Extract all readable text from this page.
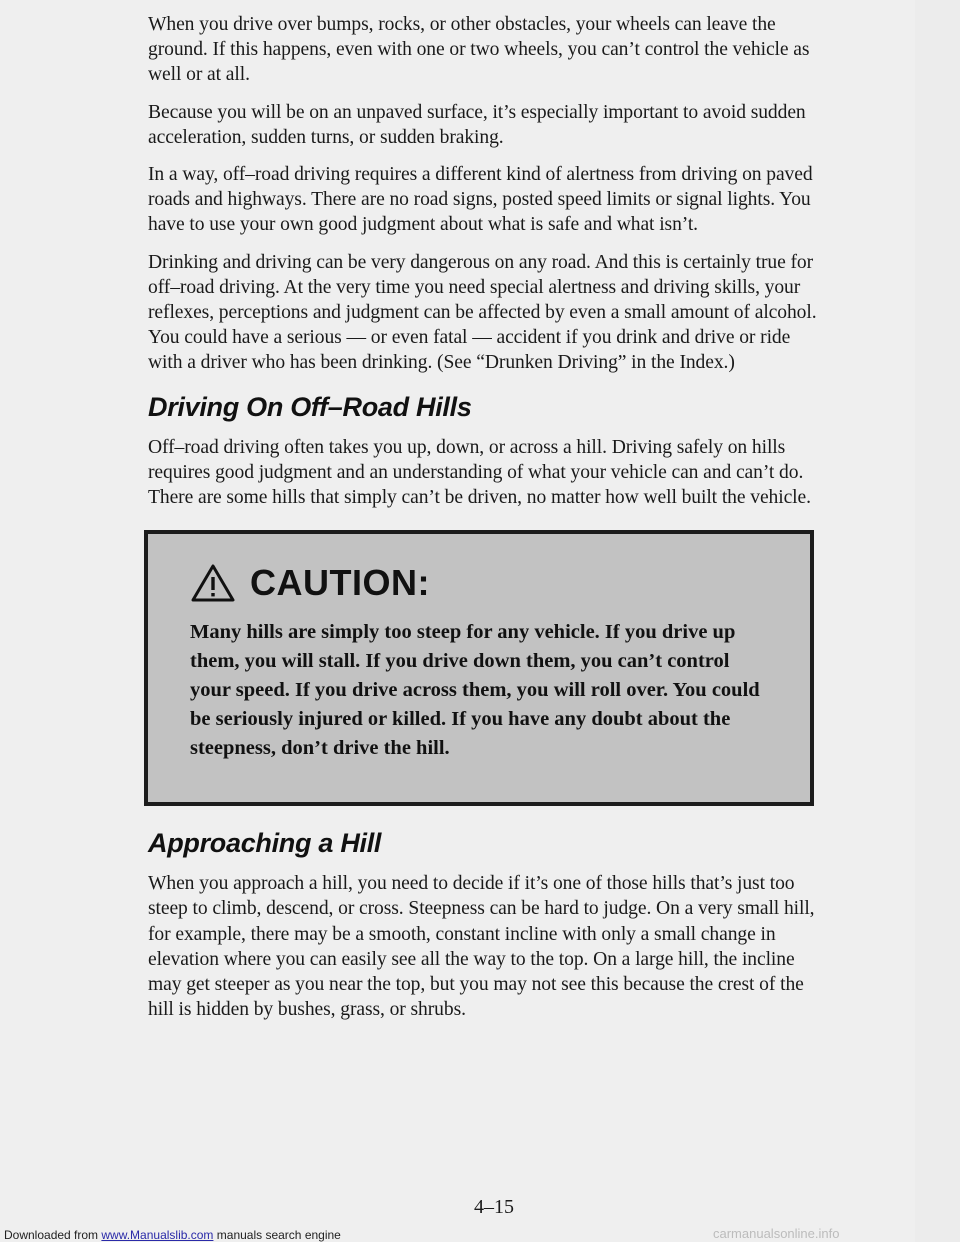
When you drive over bumps, rocks, or other obstacles, your wheels can leave the ground. If this happens, even with one or two wheels, you can’t control the vehicle as well or at all.

Because you will be on an unpaved surface, it’s especially important to avoid sudden acceleration, sudden turns, or sudden braking.

In a way, off–road driving requires a different kind of alertness from driving on paved roads and highways. There are no road signs, posted speed limits or signal lights. You have to use your own good judgment about what is safe and what isn’t.

Drinking and driving can be very dangerous on any road. And this is certainly true for off–road driving. At the very time you need special alertness and driving skills, your reflexes, perceptions and judgment can be affected by even a small amount of alcohol. You could have a serious — or even fatal — accident if you drink and drive or ride with a driver who has been drinking. (See “Drunken Driving” in the Index.)

Driving On Off–Road Hills

Off–road driving often takes you up, down, or across a hill. Driving safely on hills requires good judgment and an understanding of what your vehicle can and can’t do. There are some hills that simply can’t be driven, no matter how well built the vehicle.

CAUTION:

Many hills are simply too steep for any vehicle. If you drive up them, you will stall. If you drive down them, you can’t control your speed. If you drive across them, you will roll over. You could be seriously injured or killed. If you have any doubt about the steepness, don’t drive the hill.

Approaching a Hill

When you approach a hill, you need to decide if it’s one of those hills that’s just too steep to climb, descend, or cross. Steepness can be hard to judge. On a very small hill, for example, there may be a smooth, constant incline with only a small change in elevation where you can easily see all the way to the top. On a large hill, the incline may get steeper as you near the top, but you may not see this because the crest of the hill is hidden by bushes, grass, or shrubs.

4–15
Downloaded from www.Manualslib.com manuals search engine	carmanualsonline.info
